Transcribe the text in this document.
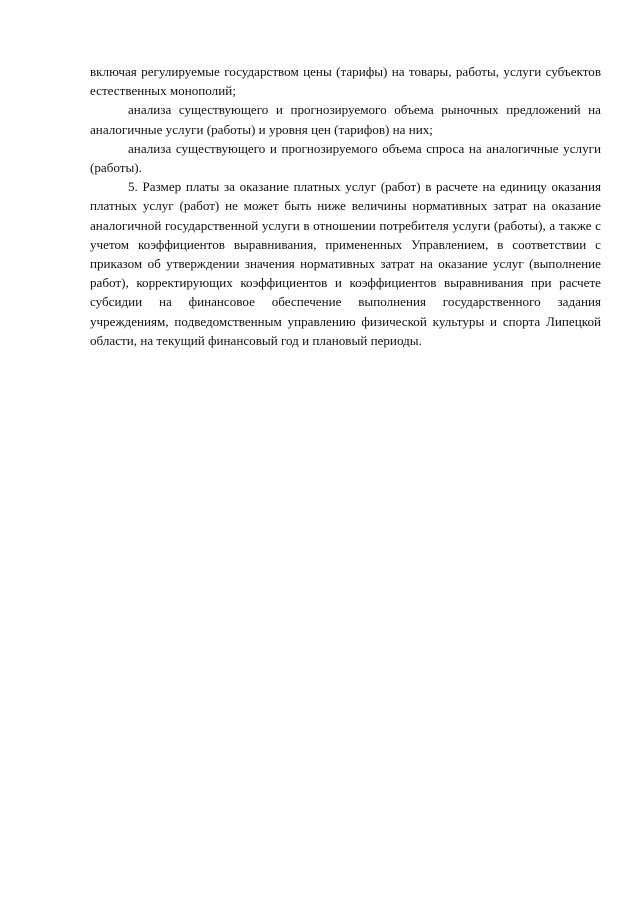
включая регулируемые государством цены (тарифы) на товары, работы, услуги субъектов естественных монополий;

анализа существующего и прогнозируемого объема рыночных предложений на аналогичные услуги (работы) и уровня цен (тарифов) на них;

анализа существующего и прогнозируемого объема спроса на аналогичные услуги (работы).

5. Размер платы за оказание платных услуг (работ) в расчете на единицу оказания платных услуг (работ) не может быть ниже величины нормативных затрат на оказание аналогичной государственной услуги в отношении потребителя услуги (работы), а также с учетом коэффициентов выравнивания, примененных Управлением, в соответствии с приказом об утверждении значения нормативных затрат на оказание услуг (выполнение работ), корректирующих коэффициентов и коэффициентов выравнивания при расчете субсидии на финансовое обеспечение выполнения государственного задания учреждениям, подведомственным управлению физической культуры и спорта Липецкой области, на текущий финансовый год и плановый периоды.
